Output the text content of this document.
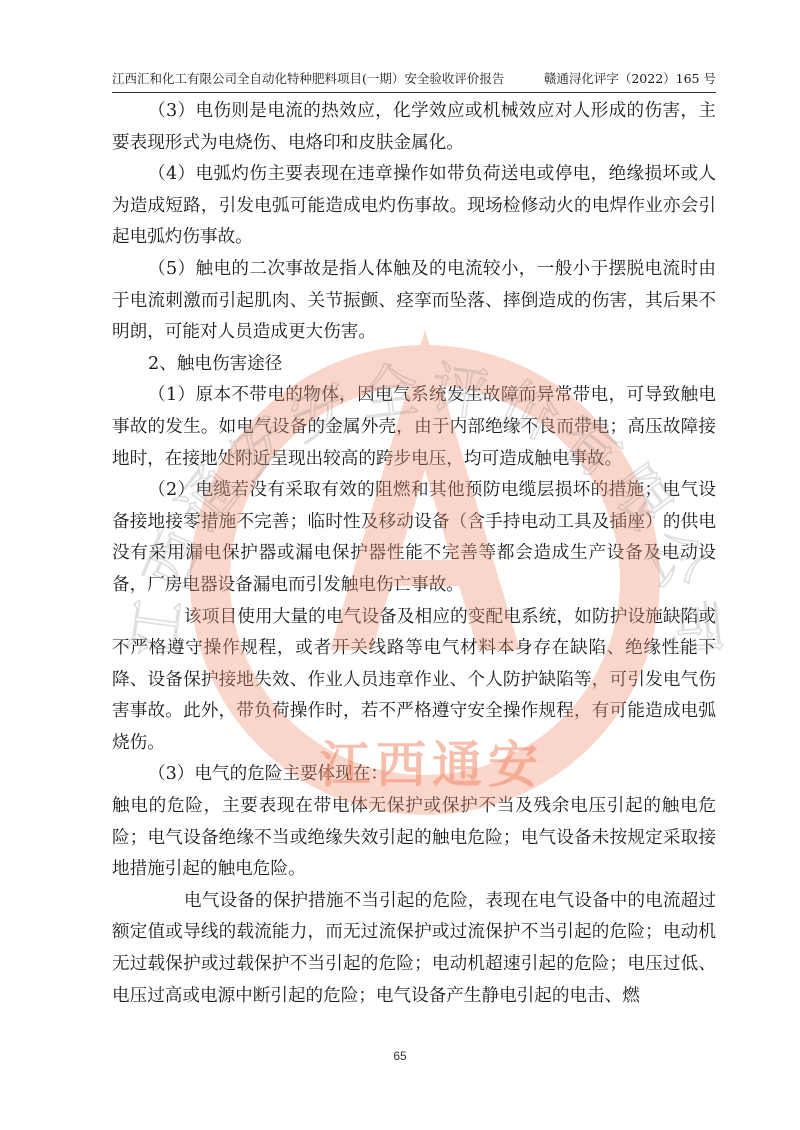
江西汇和化工有限公司全自动化特种肥料项目(一期）安全验收评价报告	赣通浔化评字（2022）165 号

（3）电伤则是电流的热效应，化学效应或机械效应对人形成的伤害，主要表现形式为电烧伤、电烙印和皮肤金属化。

（4）电弧灼伤主要表现在违章操作如带负荷送电或停电，绝缘损坏或人为造成短路，引发电弧可能造成电灼伤事故。现场检修动火的电焊作业亦会引起电弧灼伤事故。

（5）触电的二次事故是指人体触及的电流较小，一般小于摆脱电流时由于电流刺激而引起肌肉、关节振颤、痉挛而坠落、摔倒造成的伤害，其后果不明朗，可能对人员造成更大伤害。

2、触电伤害途径

（1）原本不带电的物体，因电气系统发生故障而异常带电，可导致触电事故的发生。如电气设备的金属外壳，由于内部绝缘不良而带电；高压故障接地时，在接地处附近呈现出较高的跨步电压，均可造成触电事故。

（2）电缆若没有采取有效的阻燃和其他预防电缆层损坏的措施；电气设备接地接零措施不完善；临时性及移动设备（含手持电动工具及插座）的供电没有采用漏电保护器或漏电保护器性能不完善等都会造成生产设备及电动设备，厂房电器设备漏电而引发触电伤亡事故。

该项目使用大量的电气设备及相应的变配电系统，如防护设施缺陷或不严格遵守操作规程，或者开关线路等电气材料本身存在缺陷、绝缘性能下降、设备保护接地失效、作业人员违章作业、个人防护缺陷等，可引发电气伤害事故。此外，带负荷操作时，若不严格遵守安全操作规程，有可能造成电弧烧伤。

（3）电气的危险主要体现在：

触电的危险，主要表现在带电体无保护或保护不当及残余电压引起的触电危险；电气设备绝缘不当或绝缘失效引起的触电危险；电气设备未按规定采取接地措施引起的触电危险。

电气设备的保护措施不当引起的危险，表现在电气设备中的电流超过额定值或导线的载流能力，而无过流保护或过流保护不当引起的危险；电动机无过载保护或过载保护不当引起的危险；电动机超速引起的危险；电压过低、电压过高或电源中断引起的危险；电气设备产生静电引起的电击、燃

65
江西通安安全评价有限公司
江西通安
